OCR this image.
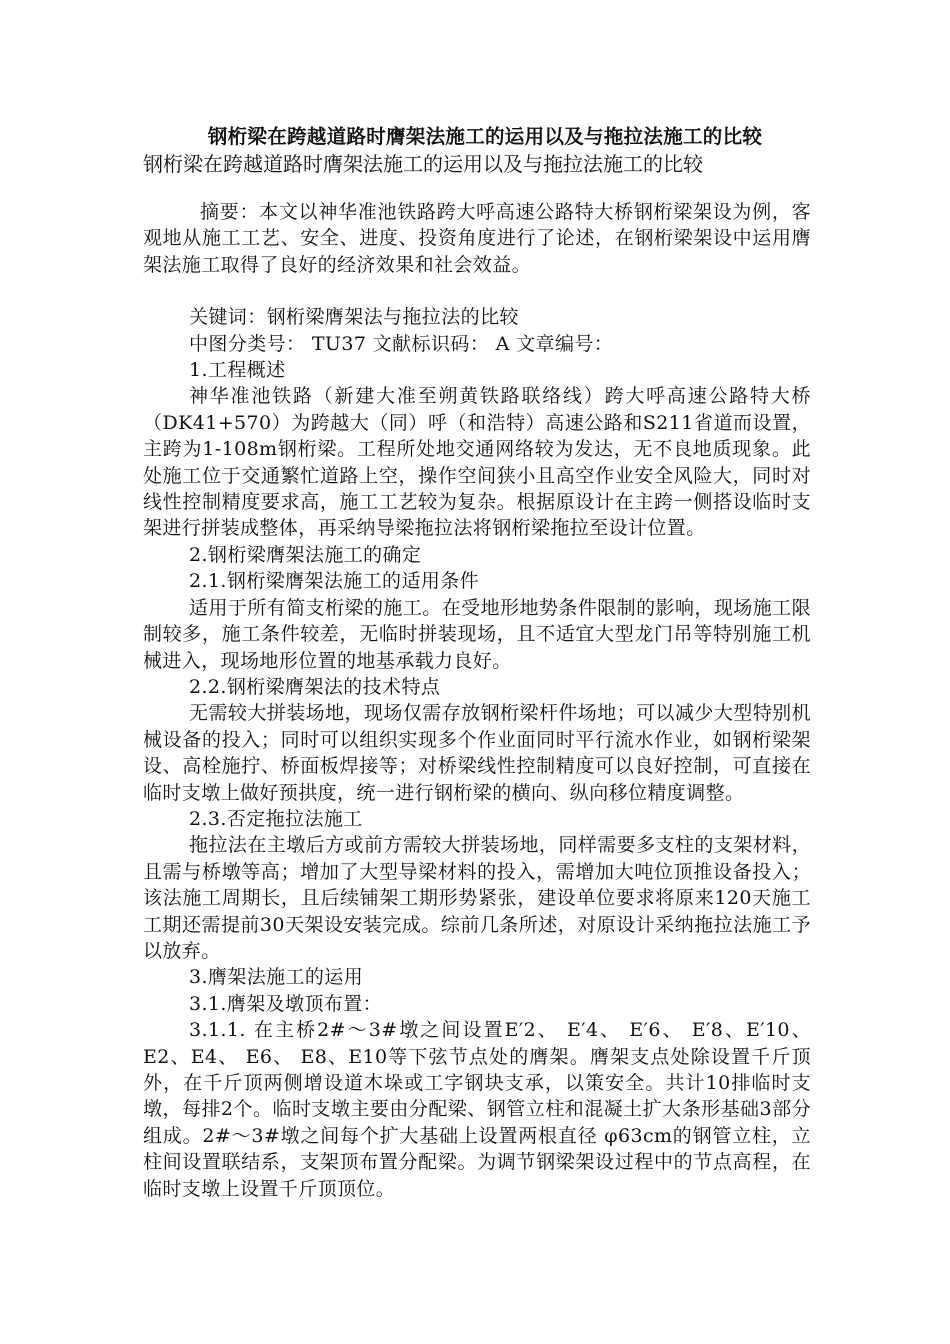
钢桁梁在跨越道路时膺架法施工的运用以及与拖拉法施工的比较
钢桁梁在跨越道路时膺架法施工的运用以及与拖拉法施工的比较

摘要：本文以神华准池铁路跨大呼高速公路特大桥钢桁梁架设为例，客观地从施工工艺、安全、进度、投资角度进行了论述，在钢桁梁架设中运用膺架法施工取得了良好的经济效果和社会效益。

关键词：钢桁梁膺架法与拖拉法的比较

中图分类号： TU37 文献标识码： A 文章编号：

1.工程概述

神华准池铁路（新建大准至朔黄铁路联络线）跨大呼高速公路特大桥（DK41+570）为跨越大（同）呼（和浩特）高速公路和S211省道而设置，主跨为1-108m钢桁梁。工程所处地交通网络较为发达，无不良地质现象。此处施工位于交通繁忙道路上空，操作空间狭小且高空作业安全风险大，同时对线性控制精度要求高，施工工艺较为复杂。根据原设计在主跨一侧搭设临时支架进行拼装成整体，再采纳导梁拖拉法将钢桁梁拖拉至设计位置。

2.钢桁梁膺架法施工的确定

2.1.钢桁梁膺架法施工的适用条件

适用于所有简支桁梁的施工。在受地形地势条件限制的影响，现场施工限制较多，施工条件较差，无临时拼装现场，且不适宜大型龙门吊等特别施工机械进入，现场地形位置的地基承载力良好。

2.2.钢桁梁膺架法的技术特点

无需较大拼装场地，现场仅需存放钢桁梁杆件场地；可以减少大型特别机械设备的投入；同时可以组织实现多个作业面同时平行流水作业，如钢桁梁架设、高栓施拧、桥面板焊接等；对桥梁线性控制精度可以良好控制，可直接在临时支墩上做好预拱度，统一进行钢桁梁的横向、纵向移位精度调整。

2.3.否定拖拉法施工

拖拉法在主墩后方或前方需较大拼装场地，同样需要多支柱的支架材料，且需与桥墩等高；增加了大型导梁材料的投入，需增加大吨位顶推设备投入；该法施工周期长，且后续铺架工期形势紧张，建设单位要求将原来120天施工工期还需提前30天架设安装完成。综前几条所述，对原设计采纳拖拉法施工予以放弃。

3.膺架法施工的运用

3.1.膺架及墩顶布置：

3.1.1. 在主桥2#～3#墩之间设置E′2、 E′4、 E′6、 E′8、E′10、E2、E4、 E6、 E8、E10等下弦节点处的膺架。膺架支点处除设置千斤顶外，在千斤顶两侧增设道木垛或工字钢块支承，以策安全。共计10排临时支墩，每排2个。临时支墩主要由分配梁、钢管立柱和混凝土扩大条形基础3部分组成。2#～3#墩之间每个扩大基础上设置两根直径 φ63cm的钢管立柱，立柱间设置联结系，支架顶布置分配梁。为调节钢梁架设过程中的节点高程，在临时支墩上设置千斤顶顶位。
